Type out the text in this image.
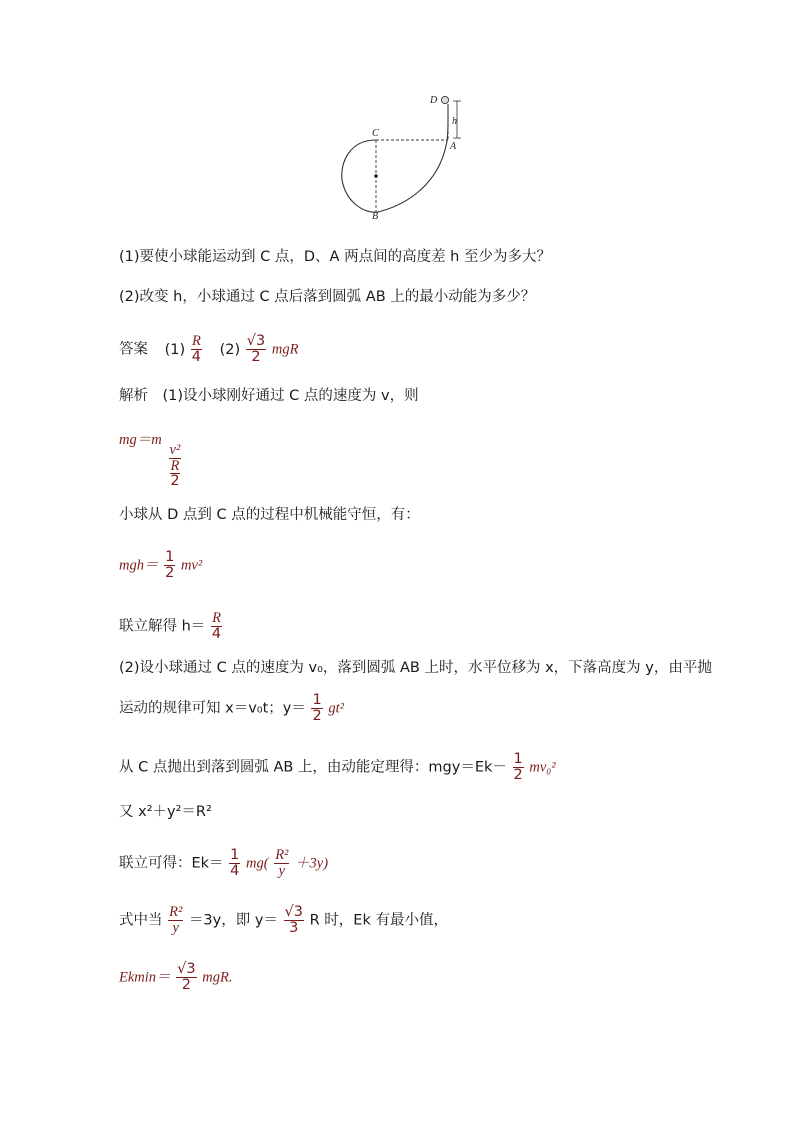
D
C
A
B
h
(1)要使小球能运动到 C 点，D、A 两点间的高度差 h 至少为多大？
(2)改变 h，小球通过 C 点后落到圆弧 AB 上的最小动能为多少？
答案 $(1) \frac{R}{4} (2) \frac{√3}{2}$ mgR
解析　(1)设小球刚好通过 C 点的速度为 v，则
mg＝m
$\frac{\text{v²}}{\frac{R}{2}}$
小球从 D 点到 C 点的过程中机械能守恒，有：
$mgh= \frac{1}{2} mv^2$
联立解得 $h= \frac{R}{4}$
(2)设小球通过 C 点的速度为 v₀，落到圆弧 AB 上时，水平位移为 x，下落高度为 y，由平抛
运动的规律可知 x＝v₀t；$y= \frac{1}{2} gt^2$
从 C 点抛出到落到圆弧 AB 上，由动能定理得：$mgy=Ek- \frac{1}{2} mv_0^2$
又 x²＋y²＝R²
联立可得：$Ek= \frac{1}{4} mg( \frac{\text{R²}}{y} +3y)$
式中当 $\frac{\text{R²}}{y} =3y$，即 $y= \frac{√3}{3}$ R 时，Ek 有最小值，
$Ekmin= \frac{√3}{2}$ mgR.
